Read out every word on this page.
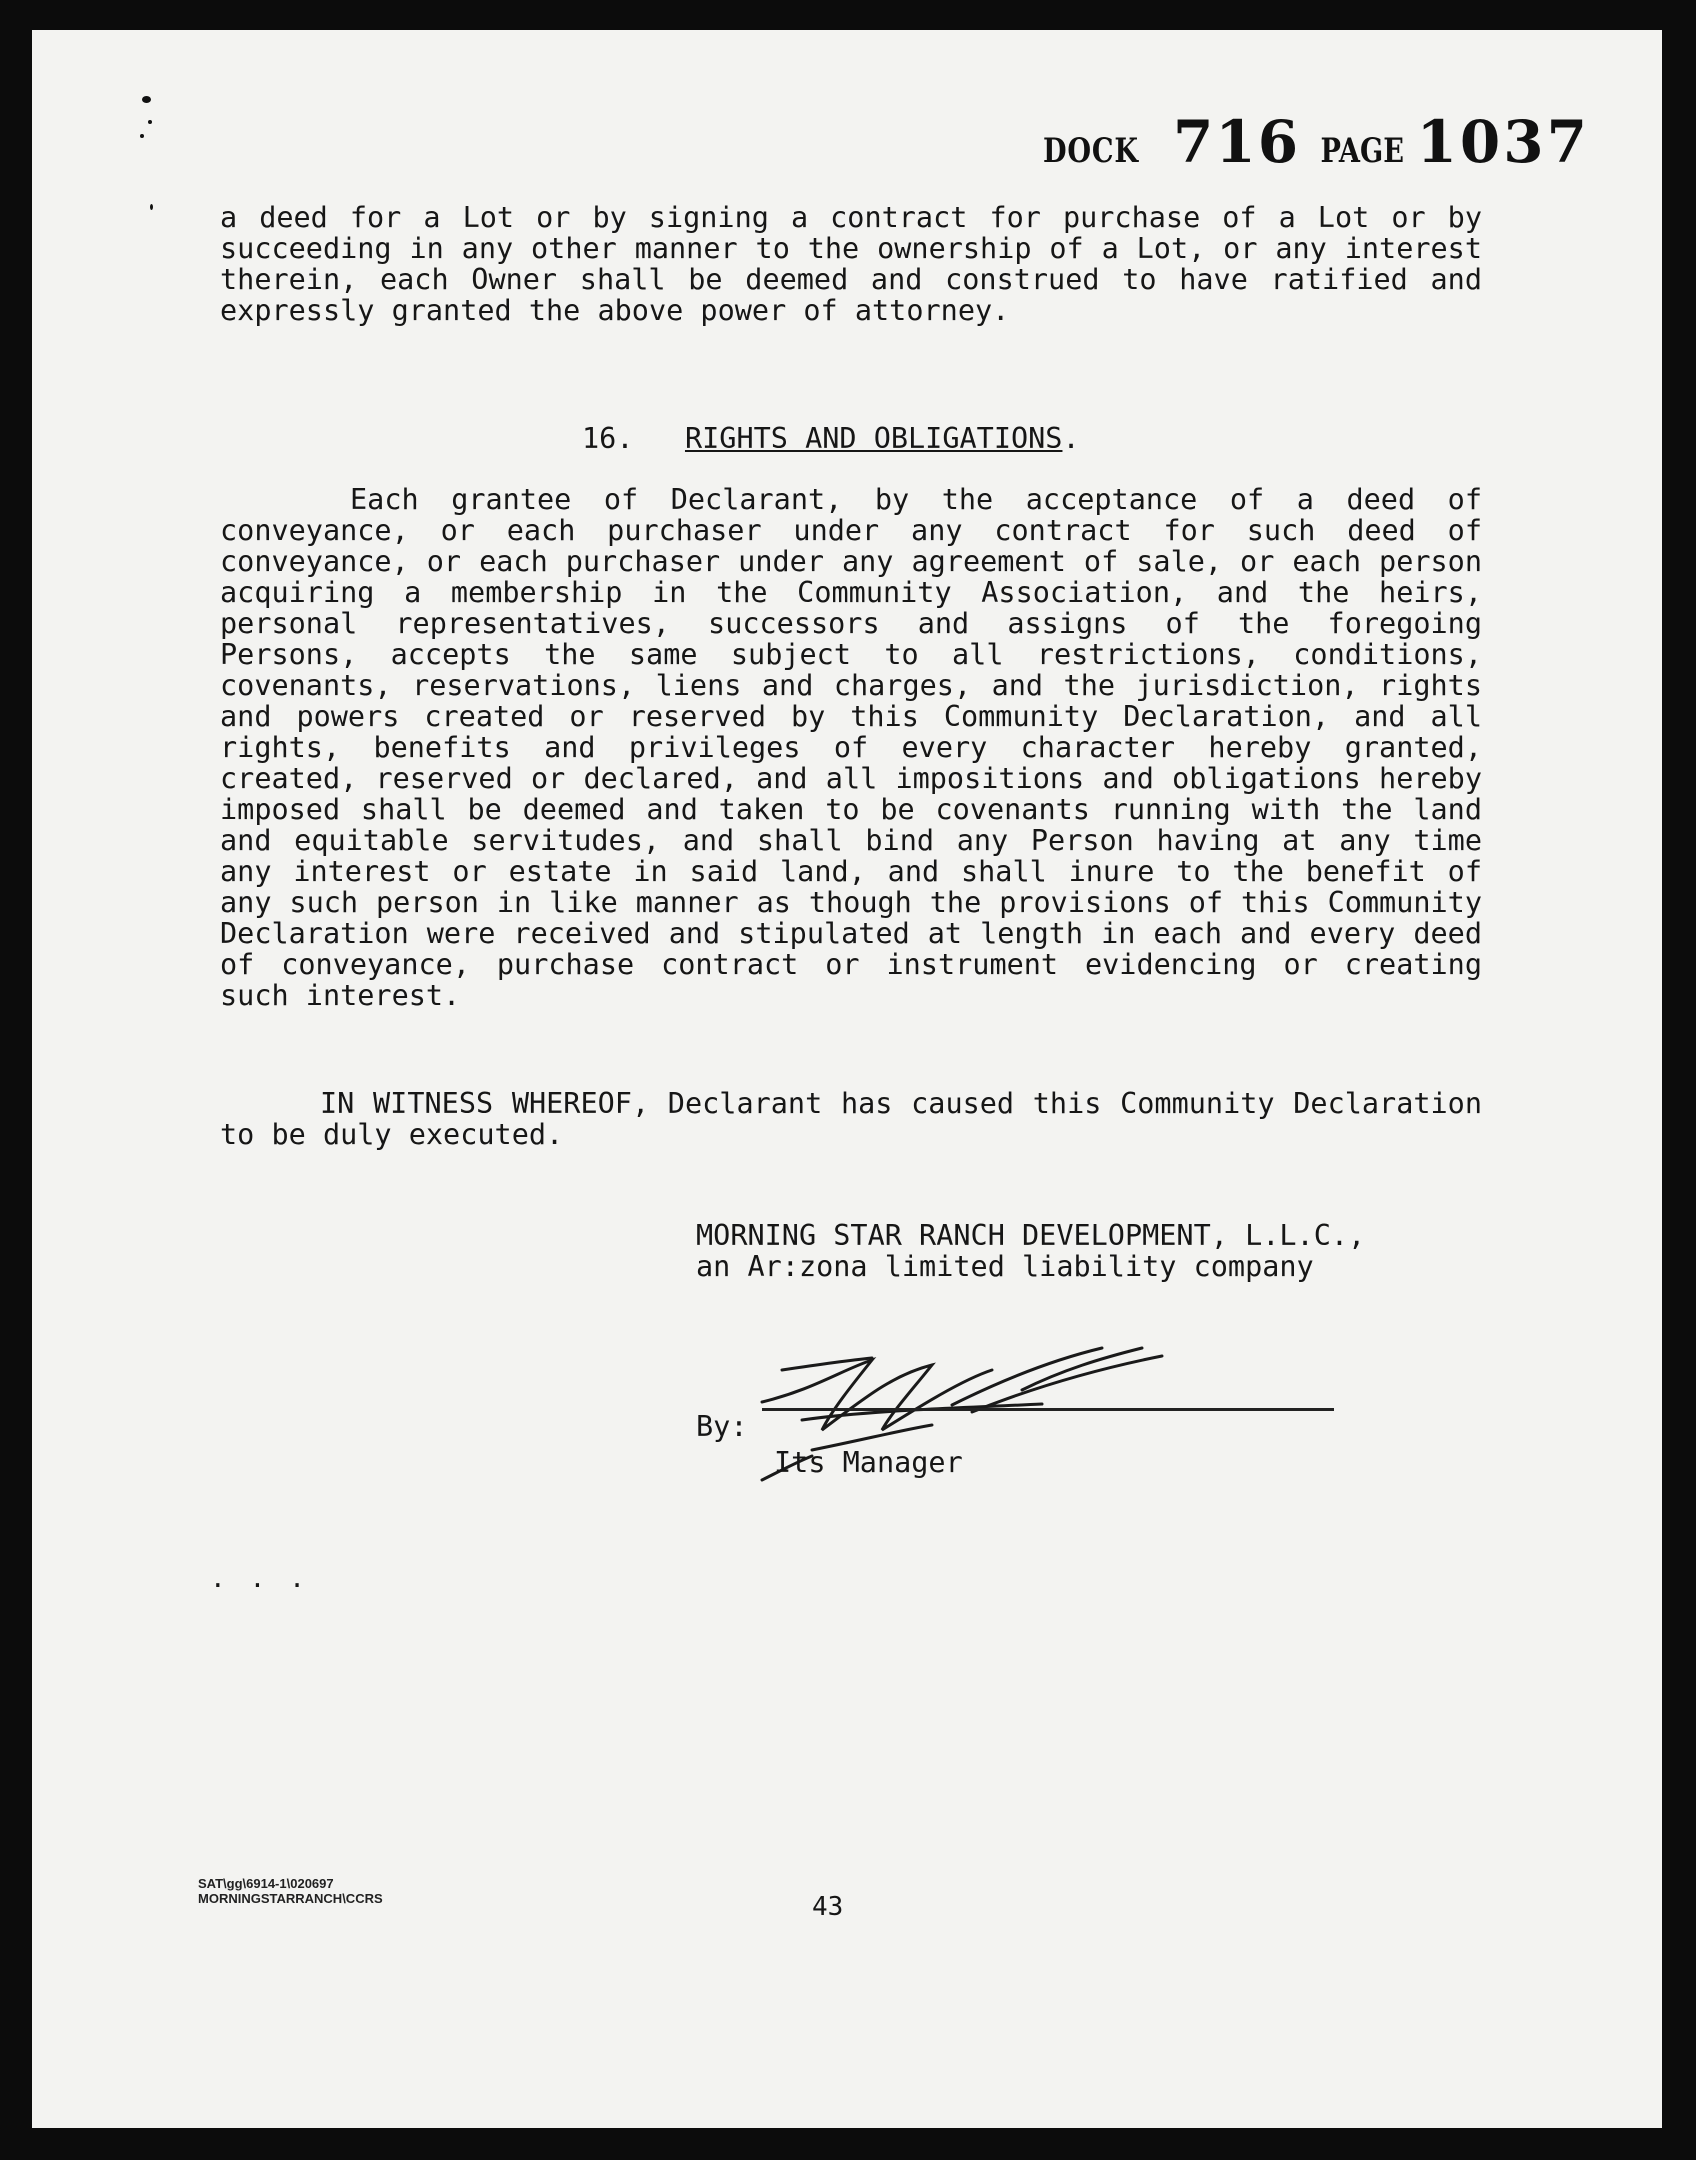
DOCK 716 PAGE 1037

a deed for a Lot or by signing a contract for purchase of a Lot or by succeeding in any other manner to the ownership of a Lot, or any interest therein, each Owner shall be deemed and construed to have ratified and expressly granted the above power of attorney.

16. RIGHTS AND OBLIGATIONS.

Each grantee of Declarant, by the acceptance of a deed of conveyance, or each purchaser under any contract for such deed of conveyance, or each purchaser under any agreement of sale, or each person acquiring a membership in the Community Association, and the heirs, personal representatives, successors and assigns of the foregoing Persons, accepts the same subject to all restrictions, conditions, covenants, reservations, liens and charges, and the jurisdiction, rights and powers created or reserved by this Community Declaration, and all rights, benefits and privileges of every character hereby granted, created, reserved or declared, and all impositions and obligations hereby imposed shall be deemed and taken to be covenants running with the land and equitable servitudes, and shall bind any Person having at any time any interest or estate in said land, and shall inure to the benefit of any such person in like manner as though the provisions of this Community Declaration were received and stipulated at length in each and every deed of conveyance, purchase contract or instrument evidencing or creating such interest.

IN WITNESS WHEREOF, Declarant has caused this Community Declaration to be duly executed.

MORNING STAR RANCH DEVELOPMENT, L.L.C.,
an Ar:zona limited liability company
By:
Its Manager
...
SAT\gg\6914-1\020697
MORNINGSTARRANCH\CCRS	43
